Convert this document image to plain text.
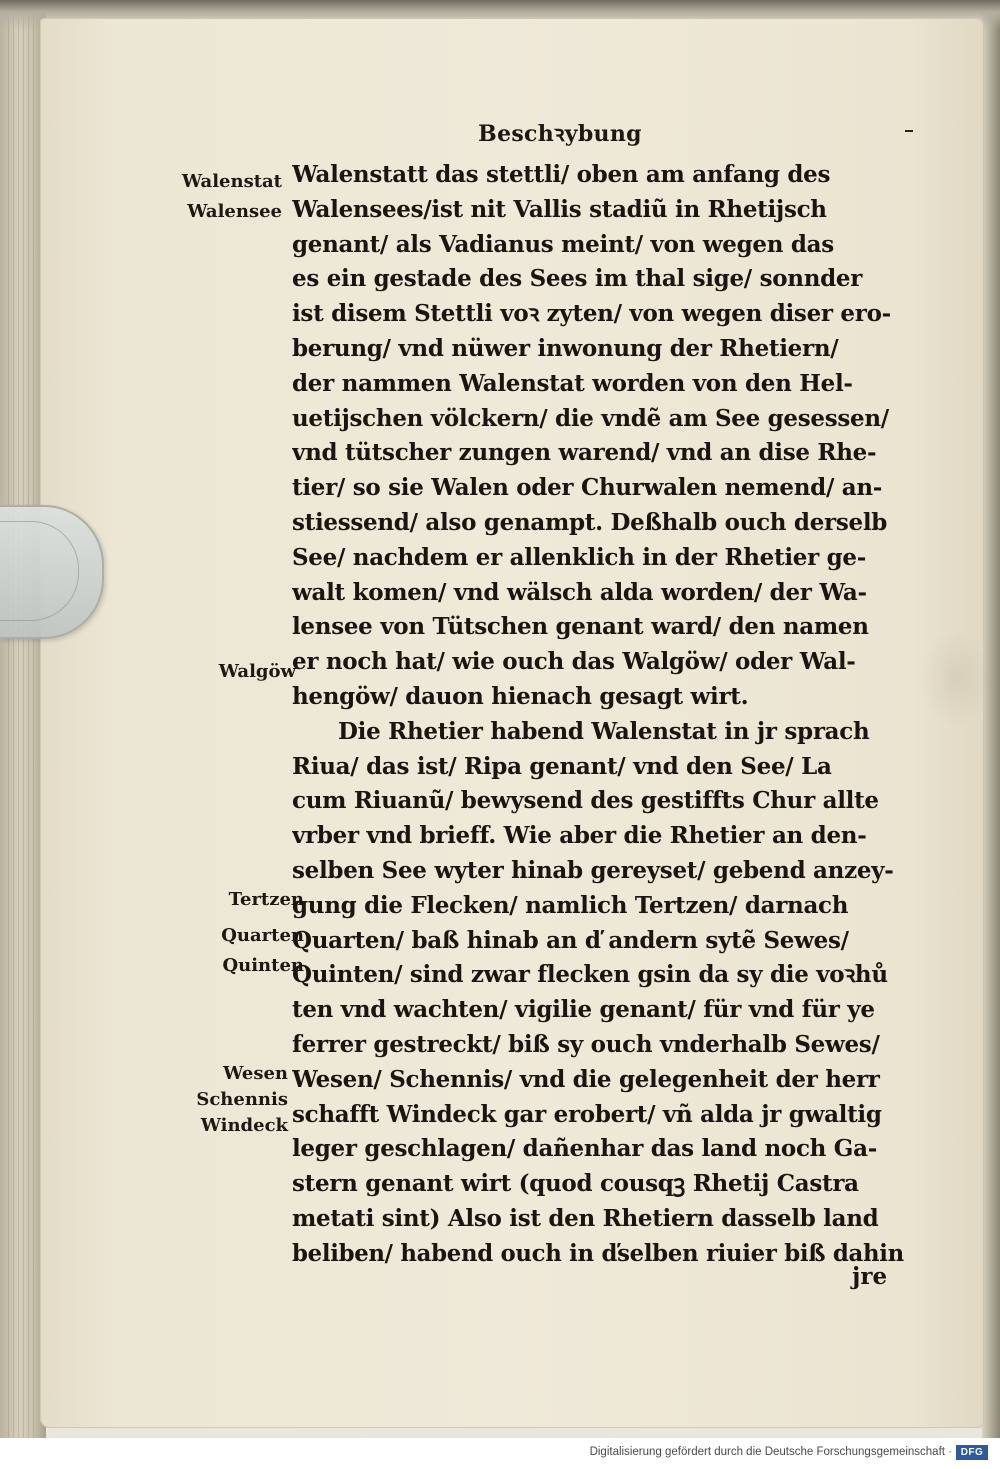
Beschꝛybung
Walenstat
Walensee
Walgöw
Tertzen
Quarten
Quinten
Wesen
Schennis
Windeck
Walenstatt das stettli/ oben am anfang des
Walensees/ist nit Vallis stadiũ in Rhetijsch
genant/ als Vadianus meint/ von wegen das
es ein gestade des Sees im thal sige/ sonnder
ist disem Stettli voꝛ zyten/ von wegen diser ero-
berung/ vnd nüwer inwonung der Rhetiern/
der nammen Walenstat worden von den Hel-
uetijschen völckern/ die vndẽ am See gesessen/
vnd tütscher zungen warend/ vnd an dise Rhe-
tier/ so sie Walen oder Churwalen nemend/ an-
stiessend/ also genampt. Deßhalb ouch derselb
See/ nachdem er allenklich in der Rhetier ge-
walt komen/ vnd wälsch alda worden/ der Wa-
lensee von Tütschen genant ward/ den namen
er noch hat/ wie ouch das Walgöw/ oder Wal-
hengöw/ dauon hienach gesagt wirt.
Die Rhetier habend Walenstat in jr sprach
Riua/ das ist/ Ripa genant/ vnd den See/ La
cum Riuanũ/ bewysend des gestiffts Chur allte
vrber vnd brieff. Wie aber die Rhetier an den-
selben See wyter hinab gereyset/ gebend anzey-
gung die Flecken/ namlich Tertzen/ darnach
Quarten/ baß hinab an ď andern sytẽ Sewes/
Quinten/ sind zwar flecken gsin da sy die voꝛhů
ten vnd wachten/ vigilie genant/ für vnd für ye
ferrer gestreckt/ biß sy ouch vnderhalb Sewes/
Wesen/ Schennis/ vnd die gelegenheit der herr
schafft Windeck gar erobert/ vñ alda jr gwaltig
leger geschlagen/ dañenhar das land noch Ga-
stern genant wirt (quod cousqꝫ Rhetij Castra
metati sint) Also ist den Rhetiern dasselb land
beliben/ habend ouch in ďselben riuier biß dahin
jre
Digitalisierung gefördert durch die Deutsche Forschungsgemeinschaft · DFG
